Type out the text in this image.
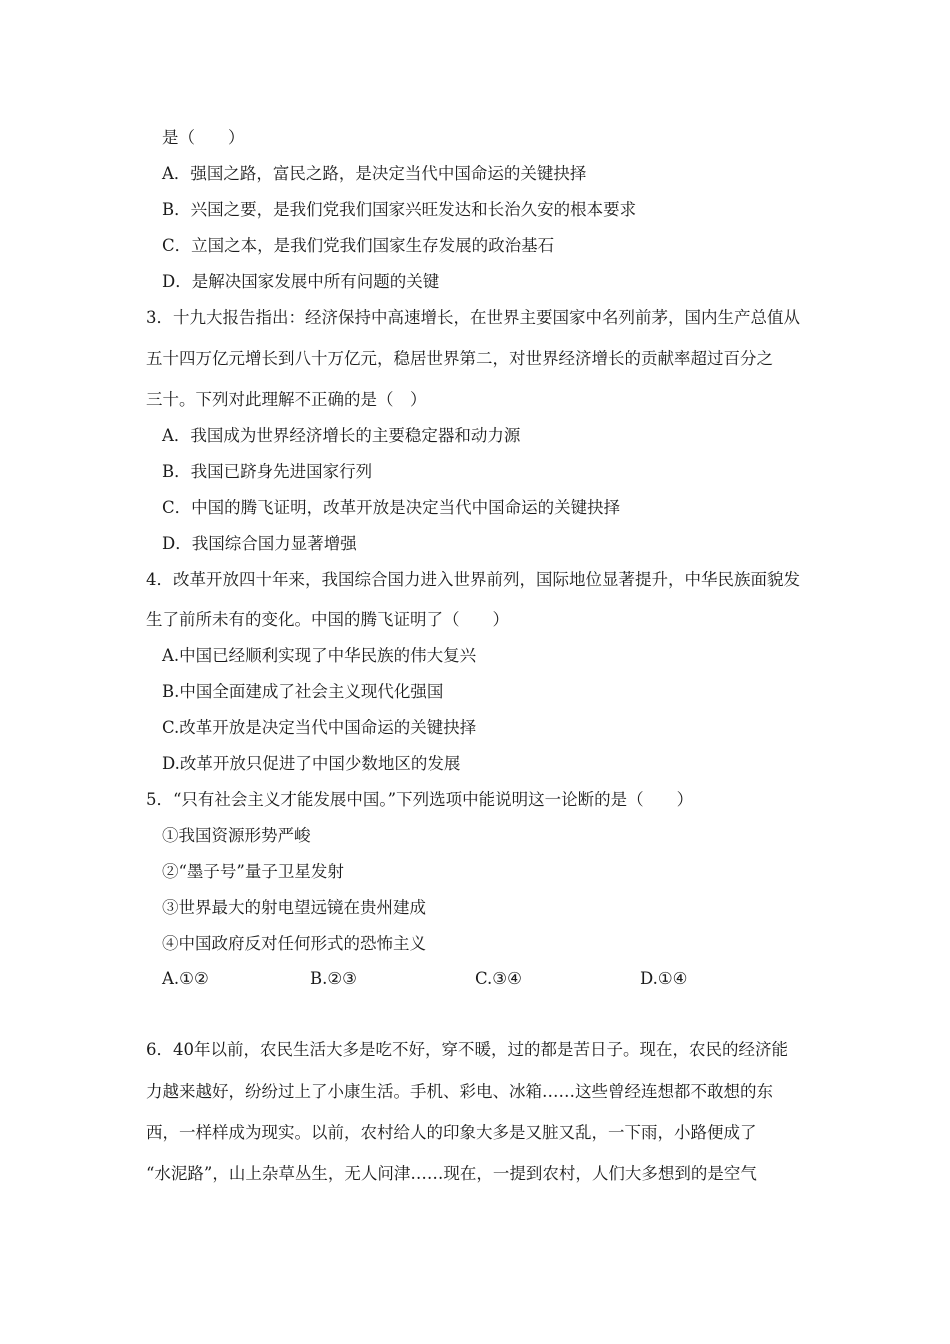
是（　　）
A．强国之路，富民之路，是决定当代中国命运的关键抉择
B．兴国之要，是我们党我们国家兴旺发达和长治久安的根本要求
C．立国之本，是我们党我们国家生存发展的政治基石
D．是解决国家发展中所有问题的关键
3．十九大报告指出：经济保持中高速增长，在世界主要国家中名列前茅，国内生产总值从
五十四万亿元增长到八十万亿元，稳居世界第二，对世界经济增长的贡献率超过百分之
三十。下列对此理解不正确的是（　）
A．我国成为世界经济增长的主要稳定器和动力源
B．我国已跻身先进国家行列
C．中国的腾飞证明，改革开放是决定当代中国命运的关键抉择
D．我国综合国力显著增强
4．改革开放四十年来，我国综合国力进入世界前列，国际地位显著提升，中华民族面貌发
生了前所未有的变化。中国的腾飞证明了（　　）
A.中国已经顺利实现了中华民族的伟大复兴
B.中国全面建成了社会主义现代化强国
C.改革开放是决定当代中国命运的关键抉择
D.改革开放只促进了中国少数地区的发展
5．“只有社会主义才能发展中国。”下列选项中能说明这一论断的是（　　）
①我国资源形势严峻
②“墨子号”量子卫星发射
③世界最大的射电望远镜在贵州建成
④中国政府反对任何形式的恐怖主义
A.①②	B.②③	C.③④	D.①④
6．40年以前，农民生活大多是吃不好，穿不暖，过的都是苦日子。现在，农民的经济能
力越来越好，纷纷过上了小康生活。手机、彩电、冰箱……这些曾经连想都不敢想的东
西，一样样成为现实。以前，农村给人的印象大多是又脏又乱，一下雨，小路便成了
“水泥路”，山上杂草丛生，无人问津……现在，一提到农村，人们大多想到的是空气
